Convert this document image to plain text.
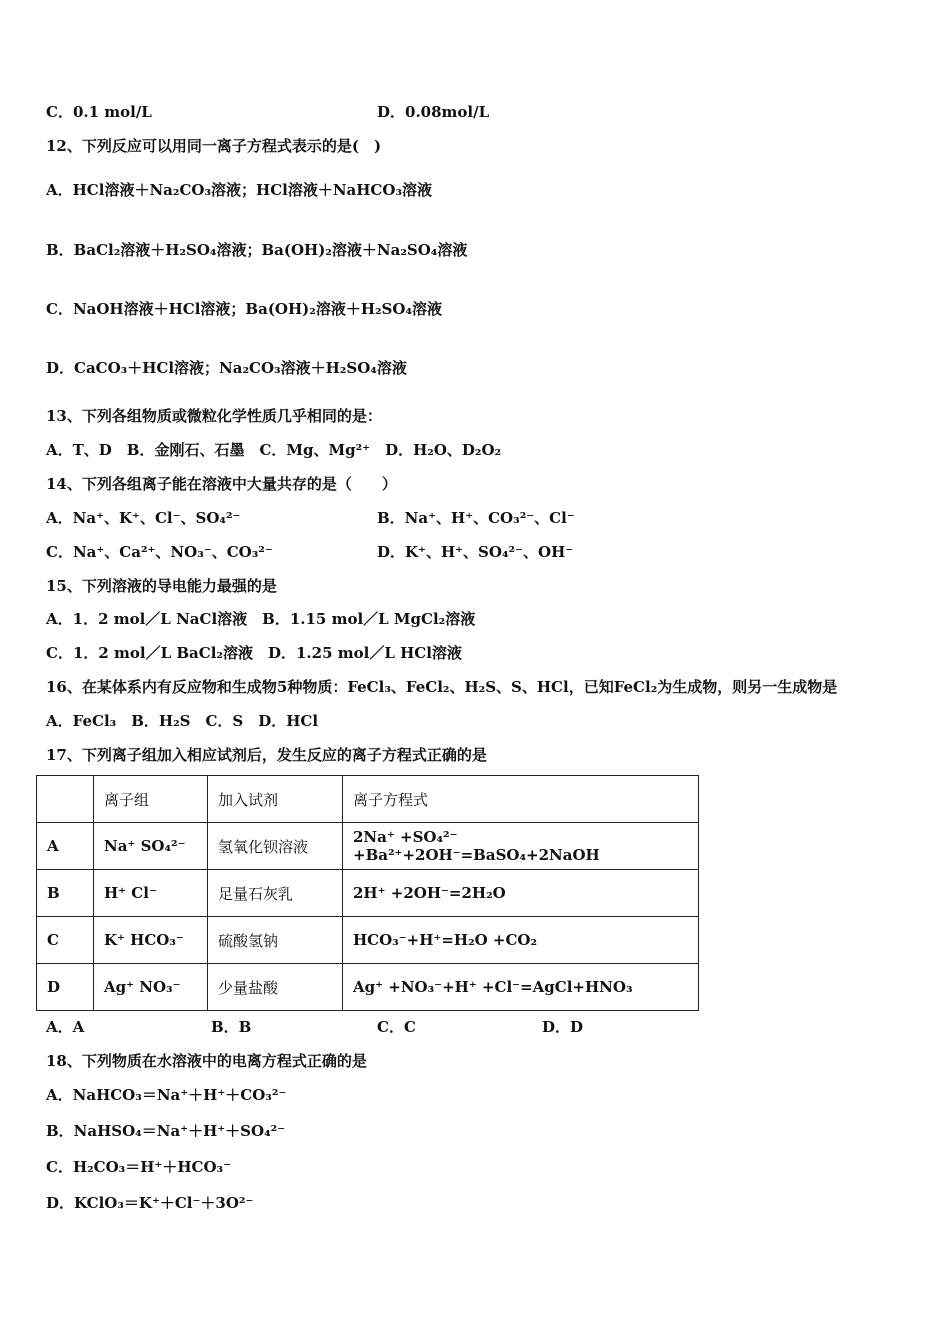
C．0.1 mol/L	D．0.08mol/L
12、下列反应可以用同一离子方程式表示的是(　)
A．HCl溶液＋Na₂CO₃溶液；HCl溶液＋NaHCO₃溶液
B．BaCl₂溶液＋H₂SO₄溶液；Ba(OH)₂溶液＋Na₂SO₄溶液
C．NaOH溶液＋HCl溶液；Ba(OH)₂溶液＋H₂SO₄溶液
D．CaCO₃＋HCl溶液；Na₂CO₃溶液＋H₂SO₄溶液
13、下列各组物质或微粒化学性质几乎相同的是：
A．T、D　B．金刚石、石墨　C．Mg、Mg²⁺　D．H₂O、D₂O₂
14、下列各组离子能在溶液中大量共存的是（　　）
A．Na⁺、K⁺、Cl⁻、SO₄²⁻	B．Na⁺、H⁺、CO₃²⁻、Cl⁻
C．Na⁺、Ca²⁺、NO₃⁻、CO₃²⁻	D．K⁺、H⁺、SO₄²⁻、OH⁻
15、下列溶液的导电能力最强的是
A．1．2 mol／L NaCl溶液　B．1.15 mol／L MgCl₂溶液
C．1．2 mol／L BaCl₂溶液　D．1.25 mol／L HCl溶液
16、在某体系内有反应物和生成物5种物质：FeCl₃、FeCl₂、H₂S、S、HCl，已知FeCl₂为生成物，则另一生成物是
A．FeCl₃　B．H₂S　C．S　D．HCl
17、下列离子组加入相应试剂后，发生反应的离子方程式正确的是
	离子组	加入试剂	离子方程式
A	Na⁺ SO₄²⁻	氢氧化钡溶液	2Na⁺ +SO₄²⁻ +Ba²⁺+2OH⁻=BaSO₄+2NaOH
B	H⁺ Cl⁻	足量石灰乳	2H⁺ +2OH⁻=2H₂O
C	K⁺ HCO₃⁻	硫酸氢钠	HCO₃⁻+H⁺=H₂O +CO₂
D	Ag⁺ NO₃⁻	少量盐酸	Ag⁺ +NO₃⁻+H⁺ +Cl⁻=AgCl+HNO₃
A．A	B．B	C．C	D．D
18、下列物质在水溶液中的电离方程式正确的是
A．NaHCO₃＝Na⁺＋H⁺＋CO₃²⁻
B．NaHSO₄＝Na⁺＋H⁺＋SO₄²⁻
C．H₂CO₃＝H⁺＋HCO₃⁻
D．KClO₃＝K⁺＋Cl⁻＋3O²⁻
